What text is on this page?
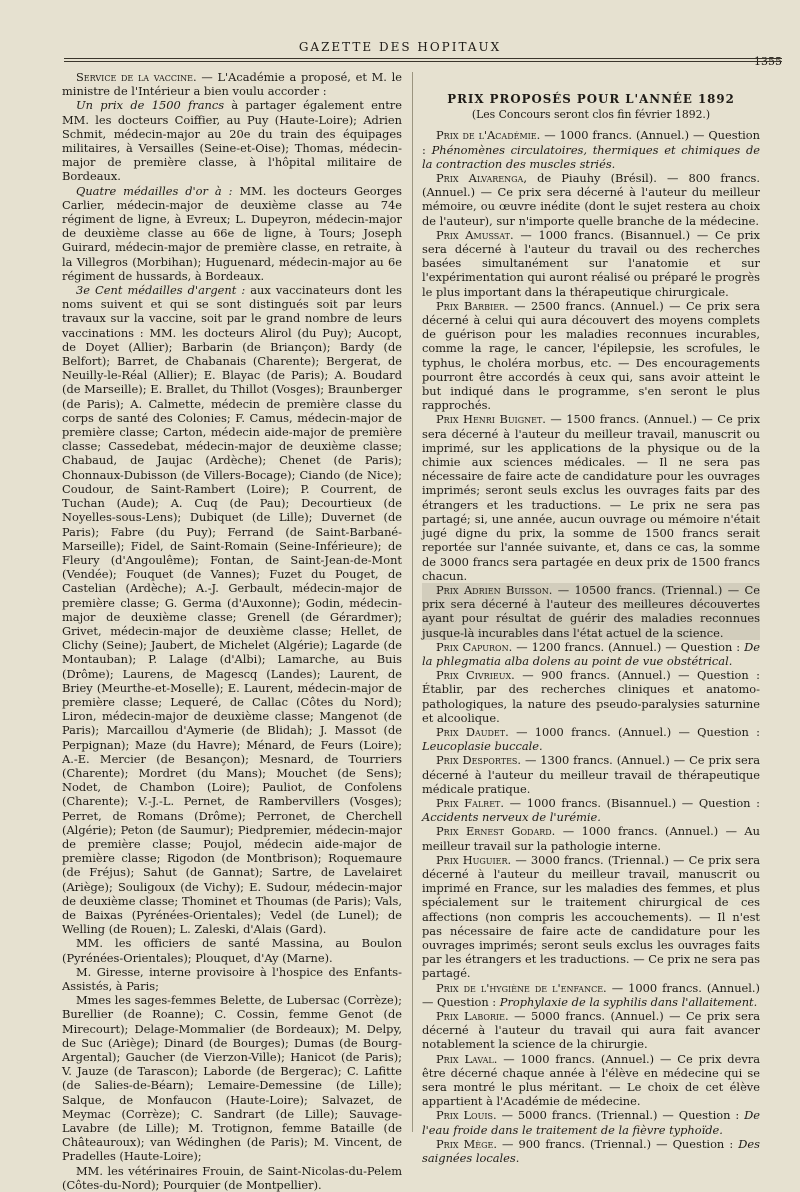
GAZETTE DES HOPITAUX
1355

Service de la vaccine. — L'Académie a proposé, et M. le ministre de l'Intérieur a bien voulu accorder :

Un prix de 1500 francs à partager également entre MM. les docteurs Coiffier, au Puy (Haute-Loire); Adrien Schmit, médecin-major au 20e du train des équipages militaires, à Versailles (Seine-et-Oise); Thomas, médecin-major de première classe, à l'hôpital militaire de Bordeaux.

Quatre médailles d'or à : MM. les docteurs Georges Carlier, médecin-major de deuxième classe au 74e régiment de ligne, à Evreux; L. Dupeyron, médecin-major de deuxième classe au 66e de ligne, à Tours; Joseph Guirard, médecin-major de première classe, en retraite, à la Villegros (Morbihan); Huguenard, médecin-major au 6e régiment de hussards, à Bordeaux.

3e Cent médailles d'argent : aux vaccinateurs dont les noms suivent et qui se sont distingués soit par leurs travaux sur la vaccine, soit par le grand nombre de leurs vaccinations : MM. les docteurs Alirol (du Puy); Aucopt, de Doyet (Allier); Barbarin (de Briançon); Bardy (de Belfort); Barret, de Chabanais (Charente); Bergerat, de Neuilly-le-Réal (Allier); E. Blayac (de Paris); A. Boudard (de Marseille); E. Brallet, du Thillot (Vosges); Braunberger (de Paris); A. Calmette, médecin de première classe du corps de santé des Colonies; F. Camus, médecin-major de première classe; Carton, médecin aide-major de première classe; Cassedebat, médecin-major de deuxième classe; Chabaud, de Jaujac (Ardèche); Chenet (de Paris); Chonnaux-Dubisson (de Villers-Bocage); Ciando (de Nice); Coudour, de Saint-Rambert (Loire); P. Courrent, de Tuchan (Aude); A. Cuq (de Pau); Decourtieux (de Noyelles-sous-Lens); Dubiquet (de Lille); Duvernet (de Paris); Fabre (du Puy); Ferrand (de Saint-Barbané-Marseille); Fidel, de Saint-Romain (Seine-Inférieure); de Fleury (d'Angoulême); Fontan, de Saint-Jean-de-Mont (Vendée); Fouquet (de Vannes); Fuzet du Pouget, de Castelian (Ardèche); A.-J. Gerbault, médecin-major de première classe; G. Germa (d'Auxonne); Godin, médecin-major de deuxième classe; Grenell (de Gérardmer); Grivet, médecin-major de deuxième classe; Hellet, de Clichy (Seine); Jaubert, de Michelet (Algérie); Lagarde (de Montauban); P. Lalage (d'Albi); Lamarche, au Buis (Drôme); Laurens, de Magescq (Landes); Laurent, de Briey (Meurthe-et-Moselle); E. Laurent, médecin-major de première classe; Lequeré, de Callac (Côtes du Nord); Liron, médecin-major de deuxième classe; Mangenot (de Paris); Marcaillou d'Aymerie (de Blidah); J. Massot (de Perpignan); Maze (du Havre); Ménard, de Feurs (Loire); A.-E. Mercier (de Besançon); Mesnard, de Tourriers (Charente); Mordret (du Mans); Mouchet (de Sens); Nodet, de Chambon (Loire); Pauliot, de Confolens (Charente); V.-J.-L. Pernet, de Rambervillers (Vosges); Perret, de Romans (Drôme); Perronet, de Cherchell (Algérie); Peton (de Saumur); Piedpremier, médecin-major de première classe; Poujol, médecin aide-major de première classe; Rigodon (de Montbrison); Roquemaure (de Fréjus); Sahut (de Gannat); Sartre, de Lavelairet (Ariège); Souligoux (de Vichy); E. Sudour, médecin-major de deuxième classe; Thominet et Thoumas (de Paris); Vals, de Baixas (Pyrénées-Orientales); Vedel (de Lunel); de Welling (de Rouen); L. Zaleski, d'Alais (Gard).

MM. les officiers de santé Massina, au Boulon (Pyrénées-Orientales); Plouquet, d'Ay (Marne).

M. Giresse, interne provisoire à l'hospice des Enfants-Assistés, à Paris;

Mmes les sages-femmes Belette, de Lubersac (Corrèze); Burellier (de Roanne); C. Cossin, femme Genot (de Mirecourt); Delage-Mommalier (de Bordeaux); M. Delpy, de Suc (Ariège); Dinard (de Bourges); Dumas (de Bourg-Argental); Gaucher (de Vierzon-Ville); Hanicot (de Paris); V. Jauze (de Tarascon); Laborde (de Bergerac); C. Lafitte (de Salies-de-Béarn); Lemaire-Demessine (de Lille); Salque, de Monfaucon (Haute-Loire); Salvazet, de Meymac (Corrèze); C. Sandrart (de Lille); Sauvage-Lavabre (de Lille); M. Trotignon, femme Bataille (de Châteauroux); van Wédinghen (de Paris); M. Vincent, de Pradelles (Haute-Loire);

MM. les vétérinaires Frouin, de Saint-Nicolas-du-Pelem (Côtes-du-Nord); Pourquier (de Montpellier).

PRIX PROPOSÉS POUR L'ANNÉE 1892
(Les Concours seront clos fin février 1892.)

Prix de l'Académie. — 1000 francs. (Annuel.) — Question : Phénomènes circulatoires, thermiques et chimiques de la contraction des muscles striés.

Prix Alvarenga, de Piauhy (Brésil). — 800 francs. (Annuel.) — Ce prix sera décerné à l'auteur du meilleur mémoire, ou œuvre inédite (dont le sujet restera au choix de l'auteur), sur n'importe quelle branche de la médecine.

Prix Amussat. — 1000 francs. (Bisannuel.) — Ce prix sera décerné à l'auteur du travail ou des recherches basées simultanément sur l'anatomie et sur l'expérimentation qui auront réalisé ou préparé le progrès le plus important dans la thérapeutique chirurgicale.

Prix Barbier. — 2500 francs. (Annuel.) — Ce prix sera décerné à celui qui aura découvert des moyens complets de guérison pour les maladies reconnues incurables, comme la rage, le cancer, l'épilepsie, les scrofules, le typhus, le choléra morbus, etc. — Des encouragements pourront être accordés à ceux qui, sans avoir atteint le but indiqué dans le programme, s'en seront le plus rapprochés.

Prix Henri Buignet. — 1500 francs. (Annuel.) — Ce prix sera décerné à l'auteur du meilleur travail, manuscrit ou imprimé, sur les applications de la physique ou de la chimie aux sciences médicales. — Il ne sera pas nécessaire de faire acte de candidature pour les ouvrages imprimés; seront seuls exclus les ouvrages faits par des étrangers et les traductions. — Le prix ne sera pas partagé; si, une année, aucun ouvrage ou mémoire n'était jugé digne du prix, la somme de 1500 francs serait reportée sur l'année suivante, et, dans ce cas, la somme de 3000 francs sera partagée en deux prix de 1500 francs chacun.

Prix Adrien Buisson. — 10500 francs. (Triennal.) — Ce prix sera décerné à l'auteur des meilleures découvertes ayant pour résultat de guérir des maladies reconnues jusque-là incurables dans l'état actuel de la science.

Prix Capuron. — 1200 francs. (Annuel.) — Question : De la phlegmatia alba dolens au point de vue obstétrical.

Prix Civrieux. — 900 francs. (Annuel.) — Question : Établir, par des recherches cliniques et anatomo-pathologiques, la nature des pseudo-paralysies saturnine et alcoolique.

Prix Daudet. — 1000 francs. (Annuel.) — Question : Leucoplasie buccale.

Prix Desportes. — 1300 francs. (Annuel.) — Ce prix sera décerné à l'auteur du meilleur travail de thérapeutique médicale pratique.

Prix Falret. — 1000 francs. (Bisannuel.) — Question : Accidents nerveux de l'urémie.

Prix Ernest Godard. — 1000 francs. (Annuel.) — Au meilleur travail sur la pathologie interne.

Prix Huguier. — 3000 francs. (Triennal.) — Ce prix sera décerné à l'auteur du meilleur travail, manuscrit ou imprimé en France, sur les maladies des femmes, et plus spécialement sur le traitement chirurgical de ces affections (non compris les accouchements). — Il n'est pas nécessaire de faire acte de candidature pour les ouvrages imprimés; seront seuls exclus les ouvrages faits par les étrangers et les traductions. — Ce prix ne sera pas partagé.

Prix de l'hygiène de l'enfance. — 1000 francs. (Annuel.) — Question : Prophylaxie de la syphilis dans l'allaitement.

Prix Laborie. — 5000 francs. (Annuel.) — Ce prix sera décerné à l'auteur du travail qui aura fait avancer notablement la science de la chirurgie.

Prix Laval. — 1000 francs. (Annuel.) — Ce prix devra être décerné chaque année à l'élève en médecine qui se sera montré le plus méritant. — Le choix de cet élève appartient à l'Académie de médecine.

Prix Louis. — 5000 francs. (Triennal.) — Question : De l'eau froide dans le traitement de la fièvre typhoïde.

Prix Mège. — 900 francs. (Triennal.) — Question : Des saignées locales.
